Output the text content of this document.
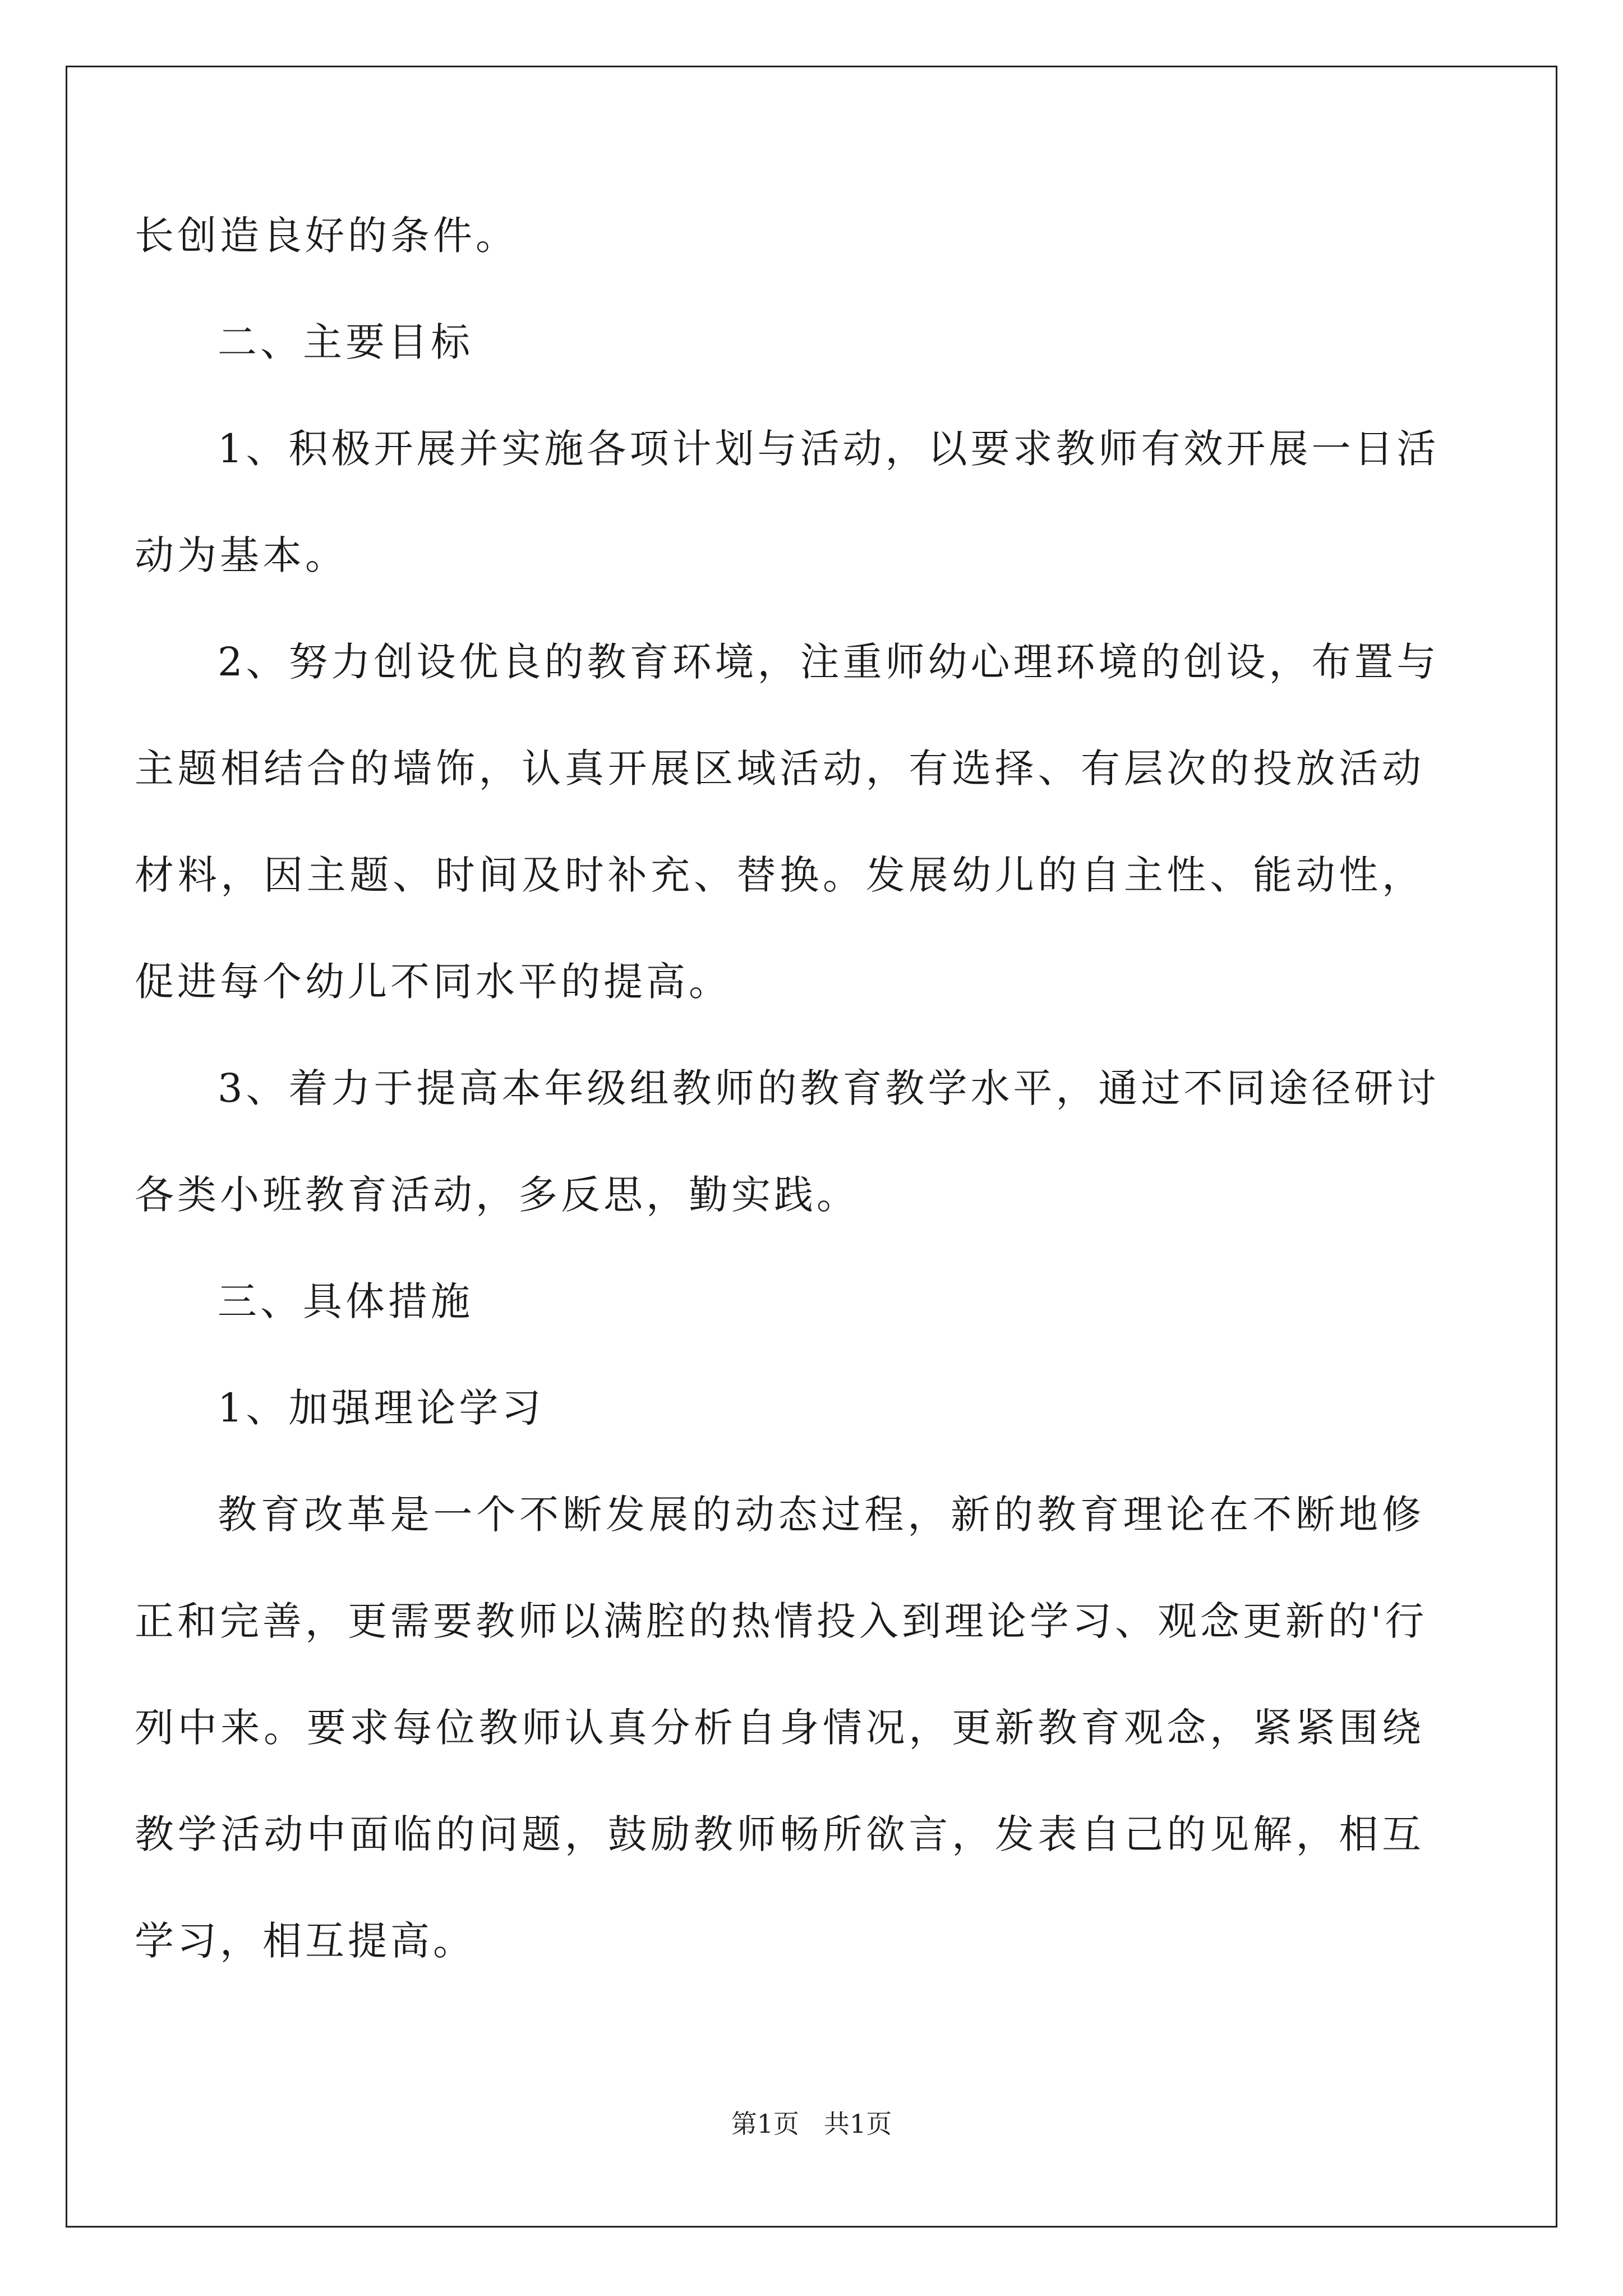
长创造良好的条件。
二、主要目标
1、积极开展并实施各项计划与活动，以要求教师有效开展一日活
动为基本。
2、努力创设优良的教育环境，注重师幼心理环境的创设，布置与
主题相结合的墙饰，认真开展区域活动，有选择、有层次的投放活动
材料，因主题、时间及时补充、替换。发展幼儿的自主性、能动性，
促进每个幼儿不同水平的提高。
3、着力于提高本年级组教师的教育教学水平，通过不同途径研讨
各类小班教育活动，多反思，勤实践。
三、具体措施
1、加强理论学习
教育改革是一个不断发展的动态过程，新的教育理论在不断地修
正和完善，更需要教师以满腔的热情投入到理论学习、观念更新的'行
列中来。要求每位教师认真分析自身情况，更新教育观念，紧紧围绕
教学活动中面临的问题，鼓励教师畅所欲言，发表自己的见解，相互
学习，相互提高。
第1页 共1页
